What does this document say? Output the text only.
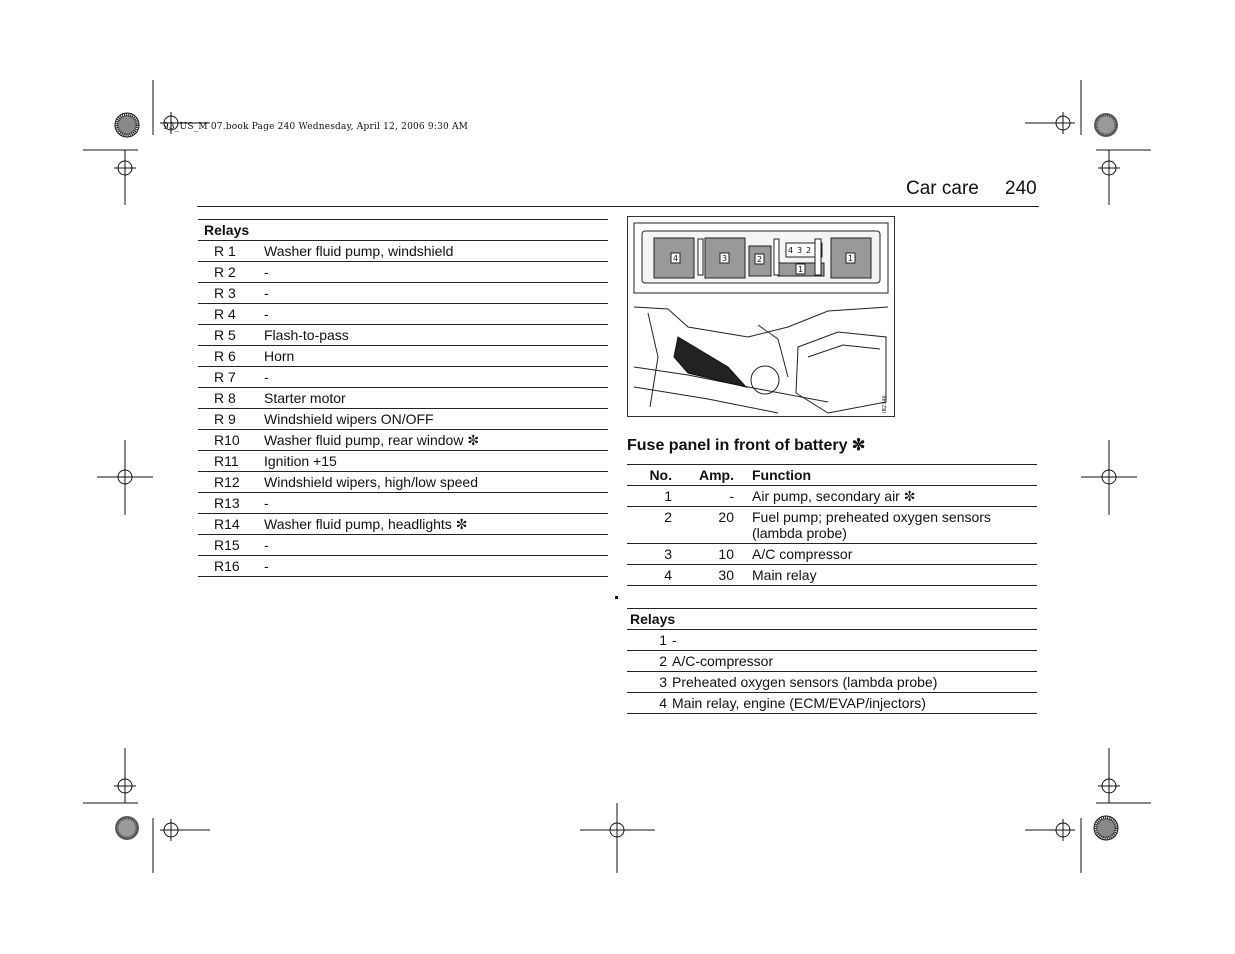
93_US_M 07.book Page 240 Wednesday, April 12, 2006 9:30 AM
Car care 240
Relays	
R 1	Washer fluid pump, windshield
R 2	-
R 3	-
R 4	-
R 5	Flash-to-pass
R 6	Horn
R 7	-
R 8	Starter motor
R 9	Windshield wipers ON/OFF
R10	Washer fluid pump, rear window ✼
R11	Ignition +15
R12	Windshield wipers, high/low speed
R13	-
R14	Washer fluid pump, headlights ✼
R15	-
R16	-
4	3	2
1
1
4 3 2
IB2346
Fuse panel in front of battery ✼
No.	Amp.	Function
1	-	Air pump, secondary air ✼
2	20	Fuel pump; preheated oxygen sensors (lambda probe)
3	10	A/C compressor
4	30	Main relay
Relays	
1	-
2	A/C-compressor
3	Preheated oxygen sensors (lambda probe)
4	Main relay, engine (ECM/EVAP/injectors)
